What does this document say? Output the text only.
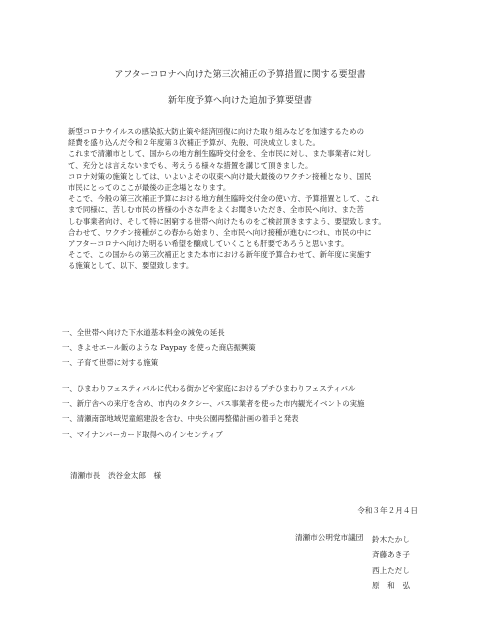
アフターコロナへ向けた第三次補正の予算措置に関する要望書
新年度予算へ向けた追加予算要望書
新型コロナウイルスの感染拡大防止策や経済回復に向けた取り組みなどを加速するための
経費を盛り込んだ令和２年度第３次補正予算が、先般、可決成立しました。
これまで清瀬市として、国からの地方創生臨時交付金を、全市民に対し、また事業者に対し
て、充分とは言えないまでも、考えうる様々な措置を講じて頂きました。
コロナ対策の施策としては、いよいよその収束へ向け最大最後のワクチン接種となり、国民
市民にとってのここが最後の正念場となります。
そこで、今般の第三次補正予算における地方創生臨時交付金の使い方、予算措置として、これ
まで同様に、苦しむ市民の皆様の小さな声をよくお聞きいただき、全市民へ向け、また苦
しむ事業者向け、そして特に困窮する世帯へ向けたものをご検討頂きますよう、要望致します。
合わせて、ワクチン接種がこの春から始まり、全市民へ向け接種が進むにつれ、市民の中に
アフターコロナへ向けた明るい希望を醸成していくことも肝要であろうと思います。
そこで、この国からの第三次補正とまた本市における新年度予算合わせて、新年度に実施す
る施策として、以下、要望致します。
一、全世帯へ向けた下水道基本料金の減免の延長
一、きよせエール飯のような Paypay を使った商店振興策
一、子育て世帯に対する施策
一、ひまわりフェスティバルに代わる街かどや家庭におけるプチひまわりフェスティバル
一、新庁舎への来庁を含め、市内のタクシー、バス事業者を使った市内観光イベントの実施
一、清瀬南部地域児童館建設を含む、中央公園再整備計画の着手と発表
一、マイナンバーカード取得へのインセンティブ
清瀬市長　渋谷金太郎　様
令和３年２月４日
清瀬市公明党市議団 鈴木たかし
斉藤あき子
西上ただし
原　和　弘
